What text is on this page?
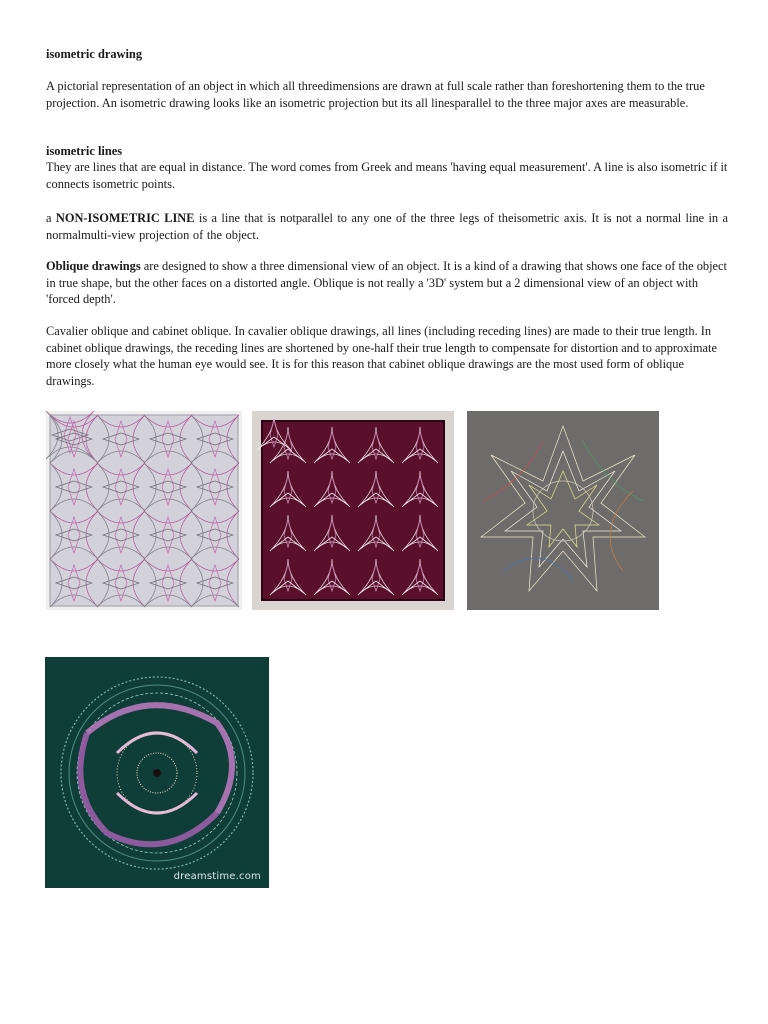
isometric drawing

A pictorial representation of an object in which all threedimensions are drawn at full scale rather than foreshortening them to the true projection. An isometric drawing looks like an isometric projection but its all linesparallel to the three major axes are measurable.

isometric lines

They are lines that are equal in distance. The word comes from Greek and means 'having equal measurement'. A line is also isometric if it connects isometric points.

a NON-ISOMETRIC LINE is a line that is notparallel to any one of the three legs of theisometric axis. It is not a normal line in a normalmulti-view projection of the object.

Oblique drawings are designed to show a three dimensional view of an object. It is a kind of a drawing that shows one face of the object in true shape, but the other faces on a distorted angle. Oblique is not really a '3D' system but a 2 dimensional view of an object with 'forced depth'.

Cavalier oblique and cabinet oblique. In cavalier oblique drawings, all lines (including receding lines) are made to their true length. In cabinet oblique drawings, the receding lines are shortened by one-half their true length to compensate for distortion and to approximate more closely what the human eye would see. It is for this reason that cabinet oblique drawings are the most used form of oblique drawings.

dreamstime.com
